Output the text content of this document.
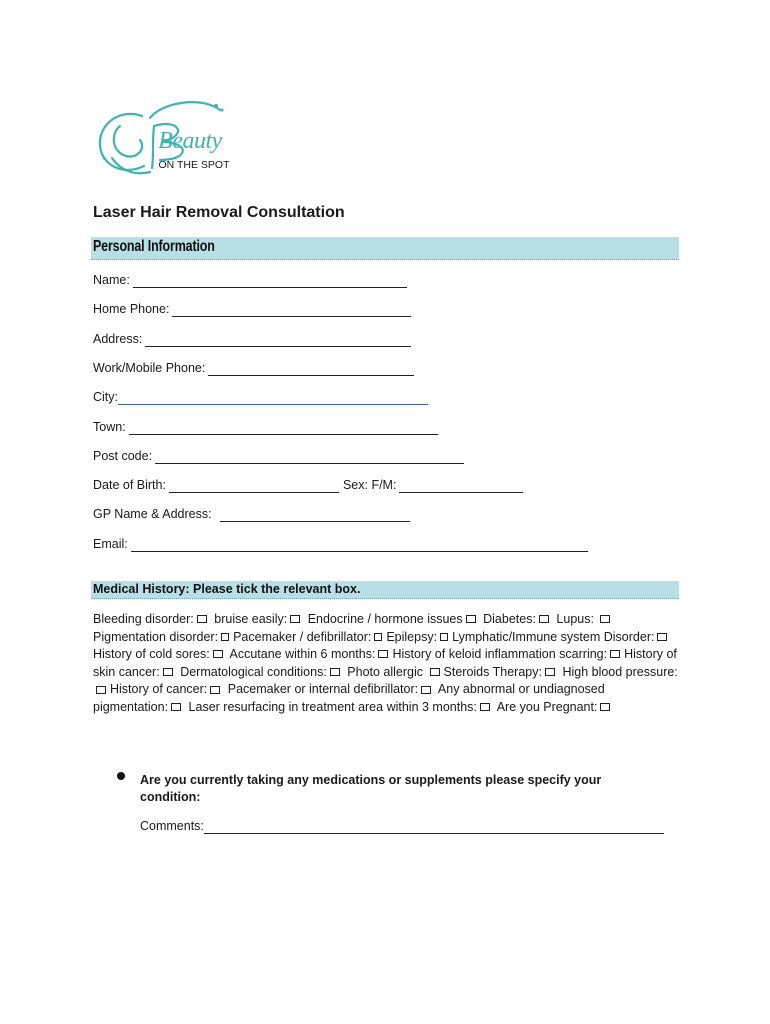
Beauty
ON THE SPOT
Laser Hair Removal Consultation
Personal Information
Name:
Home Phone:
Address:
Work/Mobile Phone:
City:
Town:
Post code:
Date of Birth:	Sex: F/M:
GP Name & Address:
Email:
Medical History: Please tick the relevant box.
Bleeding disorder: bruise easily: Endocrine / hormone issues Diabetes: Lupus:  Pigmentation disorder: Pacemaker / defibrillator: Epilepsy: Lymphatic/Immune system Disorder: History of cold sores: Accutane within 6 months: History of keloid inflammation scarring: History of skin cancer: Dermatological conditions: Photo allergic Steroids Therapy: High blood pressure:History of cancer: Pacemaker or internal defibrillator: Any abnormal or undiagnosed pigmentation: Laser resurfacing in treatment area within 3 months: Are you Pregnant:
Are you currently taking any medications or supplements please specify your condition:
Comments:
